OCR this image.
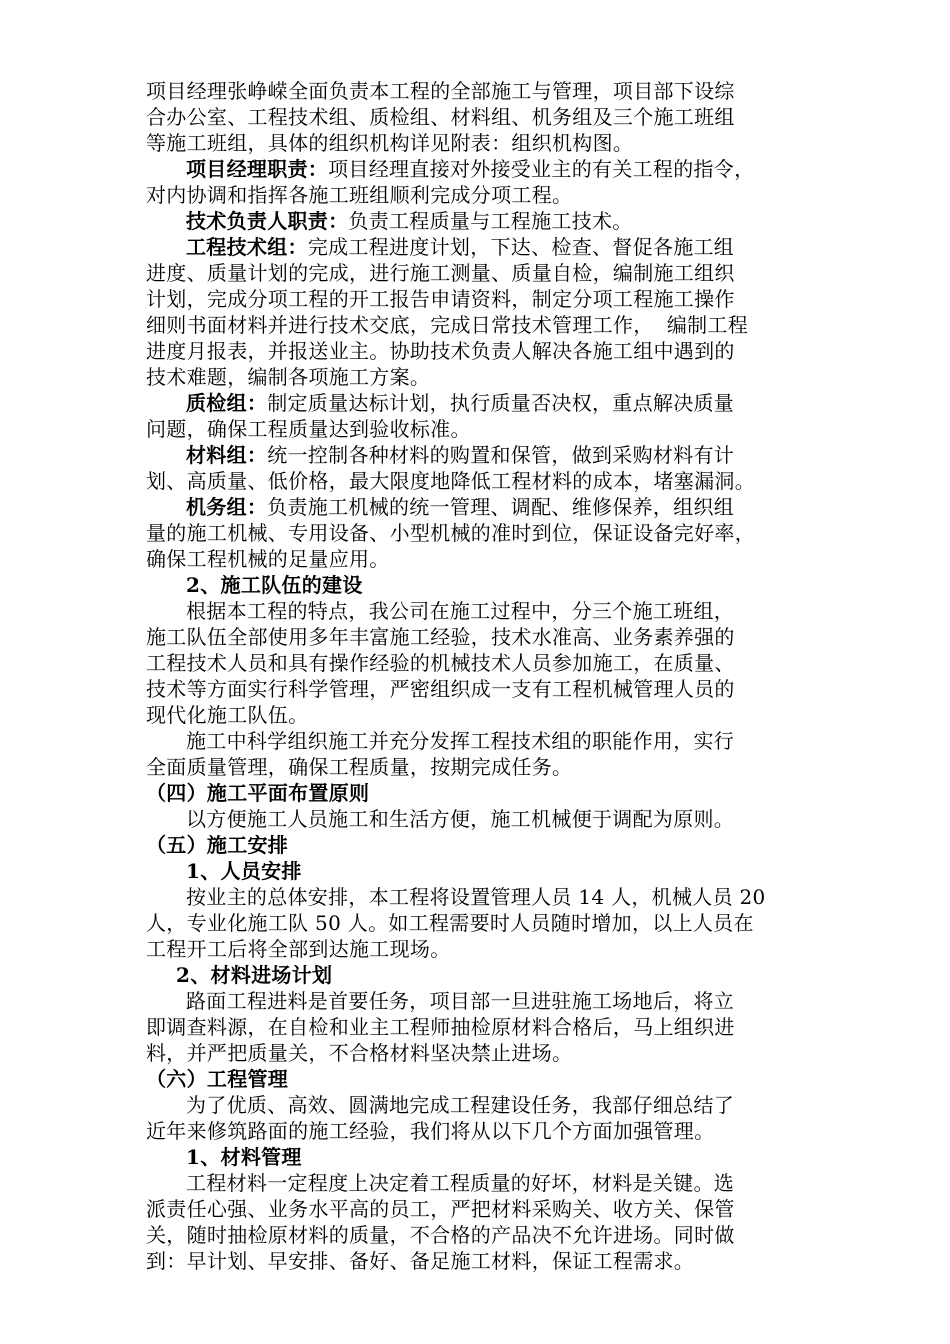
项目经理张峥嵘全面负责本工程的全部施工与管理，项目部下设综
合办公室、工程技术组、质检组、材料组、机务组及三个施工班组
等施工班组，具体的组织机构详见附表：组织机构图。
项目经理职责：项目经理直接对外接受业主的有关工程的指令，
对内协调和指挥各施工班组顺利完成分项工程。
技术负责人职责：负责工程质量与工程施工技术。
工程技术组：完成工程进度计划，下达、检查、督促各施工组
进度、质量计划的完成，进行施工测量、质量自检，编制施工组织
计划，完成分项工程的开工报告申请资料，制定分项工程施工操作
细则书面材料并进行技术交底，完成日常技术管理工作，  编制工程
进度月报表，并报送业主。协助技术负责人解决各施工组中遇到的
技术难题，编制各项施工方案。
质检组：制定质量达标计划，执行质量否决权，重点解决质量
问题，确保工程质量达到验收标准。
材料组：统一控制各种材料的购置和保管，做到采购材料有计
划、高质量、低价格，最大限度地降低工程材料的成本，堵塞漏洞。
机务组：负责施工机械的统一管理、调配、维修保养，组织组
量的施工机械、专用设备、小型机械的准时到位，保证设备完好率，
确保工程机械的足量应用。
2、施工队伍的建设
根据本工程的特点，我公司在施工过程中，分三个施工班组，
施工队伍全部使用多年丰富施工经验，技术水准高、业务素养强的
工程技术人员和具有操作经验的机械技术人员参加施工，在质量、
技术等方面实行科学管理，严密组织成一支有工程机械管理人员的
现代化施工队伍。
施工中科学组织施工并充分发挥工程技术组的职能作用，实行
全面质量管理，确保工程质量，按期完成任务。
（四）施工平面布置原则
以方便施工人员施工和生活方便，施工机械便于调配为原则。
（五）施工安排
1、人员安排
按业主的总体安排，本工程将设置管理人员 14 人，机械人员 20
人，专业化施工队 50 人。如工程需要时人员随时增加，以上人员在
工程开工后将全部到达施工现场。
2、材料进场计划
路面工程进料是首要任务，项目部一旦进驻施工场地后，将立
即调查料源，在自检和业主工程师抽检原材料合格后，马上组织进
料，并严把质量关，不合格材料坚决禁止进场。
（六）工程管理
为了优质、高效、圆满地完成工程建设任务，我部仔细总结了
近年来修筑路面的施工经验，我们将从以下几个方面加强管理。
1、材料管理
工程材料一定程度上决定着工程质量的好坏，材料是关键。选
派责任心强、业务水平高的员工，严把材料采购关、收方关、保管
关，随时抽检原材料的质量，不合格的产品决不允许进场。同时做
到：早计划、早安排、备好、备足施工材料，保证工程需求。
